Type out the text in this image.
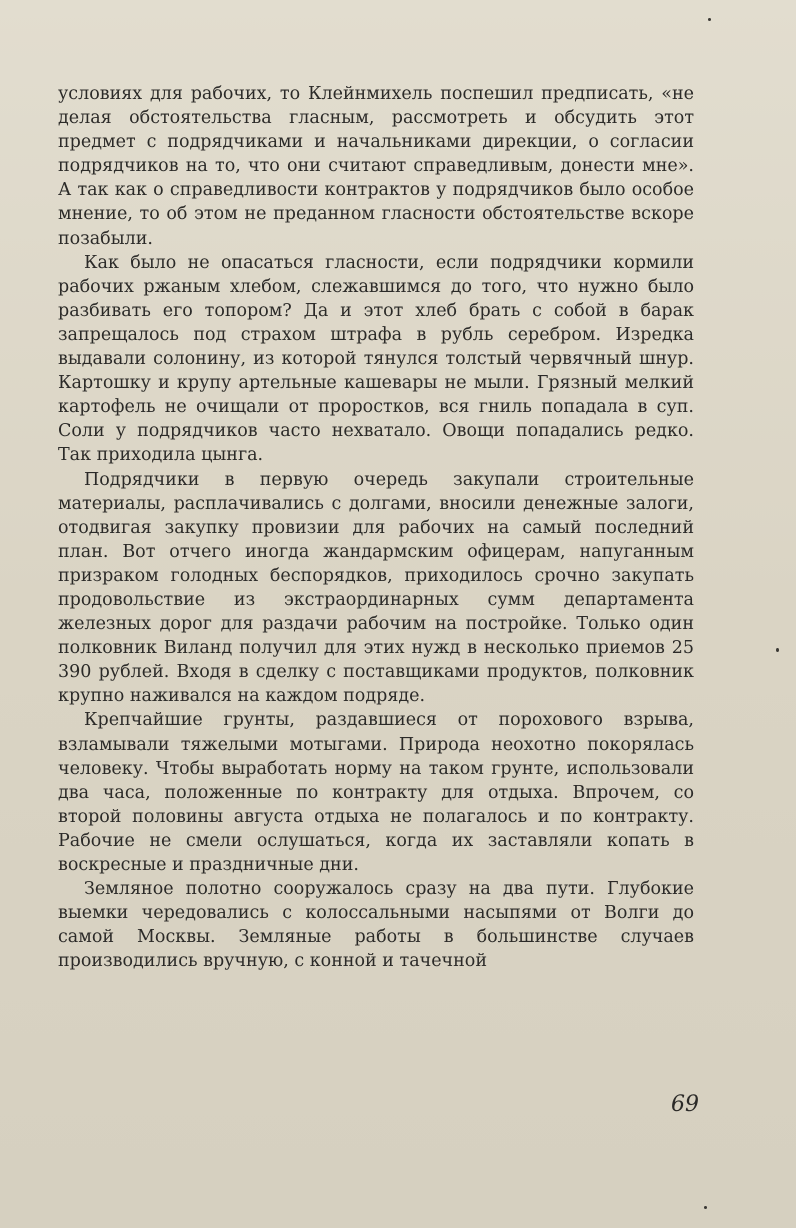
условиях для рабочих, то Клейнмихель поспешил предписать, «не делая обстоятельства гласным, рассмотреть и обсудить этот предмет с подрядчиками и начальниками дирекции, о согласии подрядчиков на то, что они считают справедливым, донести мне». А так как о справедливости контрактов у подрядчиков было особое мнение, то об этом не преданном гласности обстоятельстве вскоре позабыли.

Как было не опасаться гласности, если подрядчики кормили рабочих ржаным хлебом, слежавшимся до того, что нужно было разбивать его топором? Да и этот хлеб брать с собой в барак запрещалось под страхом штрафа в рубль серебром. Изредка выдавали солонину, из которой тянулся толстый червячный шнур. Картошку и крупу артельные кашевары не мыли. Грязный мелкий картофель не очищали от проростков, вся гниль попадала в суп. Соли у подрядчиков часто нехватало. Овощи попадались редко. Так приходила цынга.

Подрядчики в первую очередь закупали строительные материалы, расплачивались с долгами, вносили денежные залоги, отодвигая закупку провизии для рабочих на самый последний план. Вот отчего иногда жандармским офицерам, напуганным призраком голодных беспорядков, приходилось срочно закупать продовольствие из экстраординарных сумм департамента железных дорог для раздачи рабочим на постройке. Только один полковник Виланд получил для этих нужд в несколько приемов 25 390 рублей. Входя в сделку с поставщиками продуктов, полковник крупно наживался на каждом подряде.

Крепчайшие грунты, раздавшиеся от порохового взрыва, взламывали тяжелыми мотыгами. Природа неохотно покорялась человеку. Чтобы выработать норму на таком грунте, использовали два часа, положенные по контракту для отдыха. Впрочем, со второй половины августа отдыха не полагалось и по контракту. Рабочие не смели ослушаться, когда их заставляли копать в воскресные и праздничные дни.

Земляное полотно сооружалось сразу на два пути. Глубокие выемки чередовались с колоссальными насыпями от Волги до самой Москвы. Земляные работы в большинстве случаев производились вручную, с конной и тачечной

69
